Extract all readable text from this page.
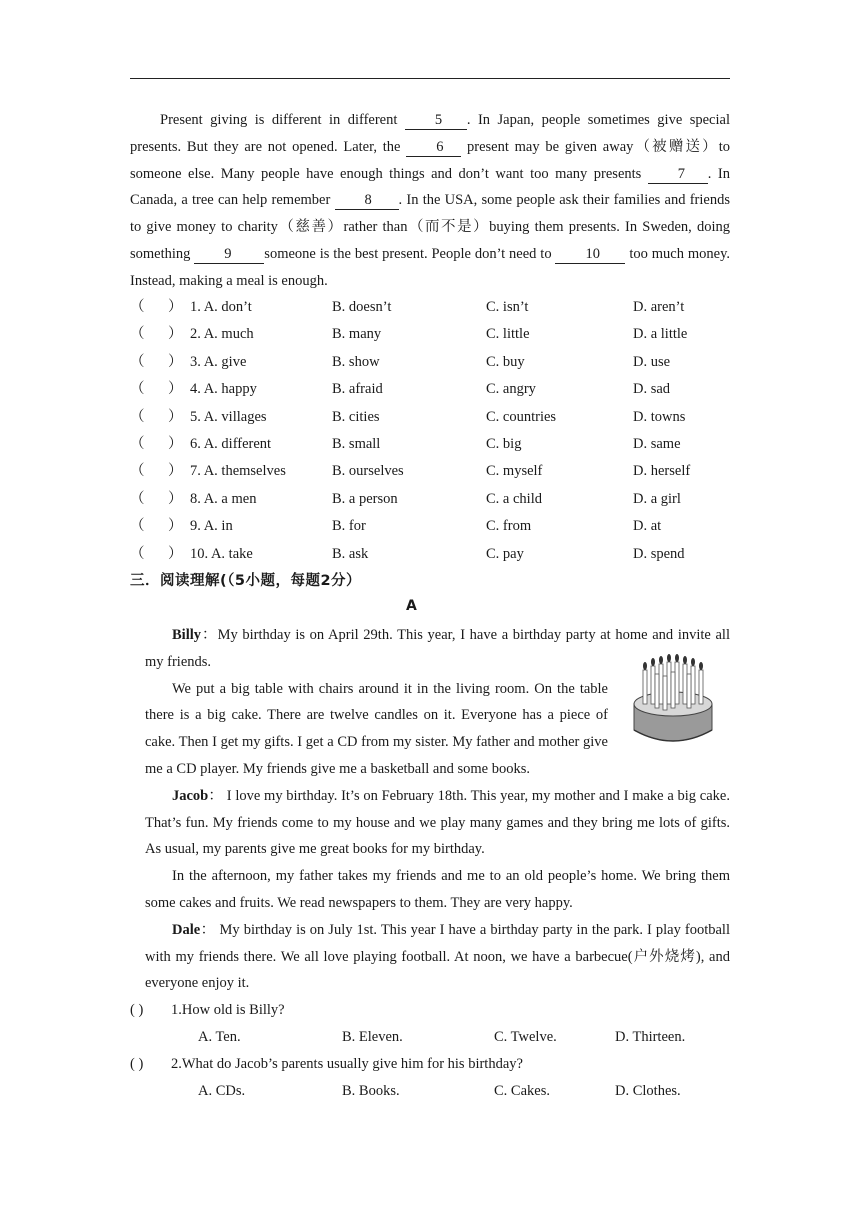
Present giving is different in different 5 . In Japan, people sometimes give special presents. But they are not opened. Later, the 6 present may be given away（被赠送）to someone else. Many people have enough things and don’t want too many presents 7 . In Canada, a tree can help remember 8 . In the USA, some people ask their families and friends to give money to charity（慈善）rather than（而不是）buying them presents. In Sweden, doing something 9 someone is the best present. People don’t need to 10 too much money. Instead, making a meal is enough.
（ ） 1. A. don’t	B. doesn’t	C. isn’t	D. aren’t
（ ） 2. A. much	B. many	C. little	D. a little
（ ） 3. A. give	B. show	C. buy	D. use
（ ） 4. A. happy	B. afraid	C. angry	D. sad
（ ） 5. A. villages	B. cities	C. countries	D. towns
（ ） 6. A. different	B. small	C. big	D. same
（ ） 7. A. themselves	B. ourselves	C. myself	D. herself
（ ） 8. A. a men	B. a person	C. a child	D. a girl
（ ） 9. A. in	B. for	C. from	D. at
（ ） 10. A. take	B. ask	C. pay	D. spend
三．阅读理解(（5小题，每题2分）
A

Billy：My birthday is on April 29th. This year, I have a birthday party at home and invite all my friends.

We put a big table with chairs around it in the living room. On the table there is a big cake. There are twelve candles on it. Everyone has a piece of cake. Then I get my gifts. I get a CD from my sister. My father and mother give me a CD player. My friends give me a basketball and some books.

Jacob： I love my birthday. It’s on February 18th. This year, my mother and I make a big cake. That’s fun. My friends come to my house and we play many games and they bring me lots of gifts. As usual, my parents give me great books for my birthday.

In the afternoon, my father takes my friends and me to an old people’s home. We bring them some cakes and fruits. We read newspapers to them. They are very happy.

Dale： My birthday is on July 1st. This year I have a birthday party in the park. I play football with my friends there. We all love playing football. At noon, we have a barbecue(户外烧烤), and everyone enjoy it.

( ) 1.How old is Billy?
A. Ten.	B. Eleven.	C. Twelve.	D. Thirteen.
( ) 2.What do Jacob’s parents usually give him for his birthday?
A. CDs.	B. Books.	C. Cakes.	D. Clothes.
